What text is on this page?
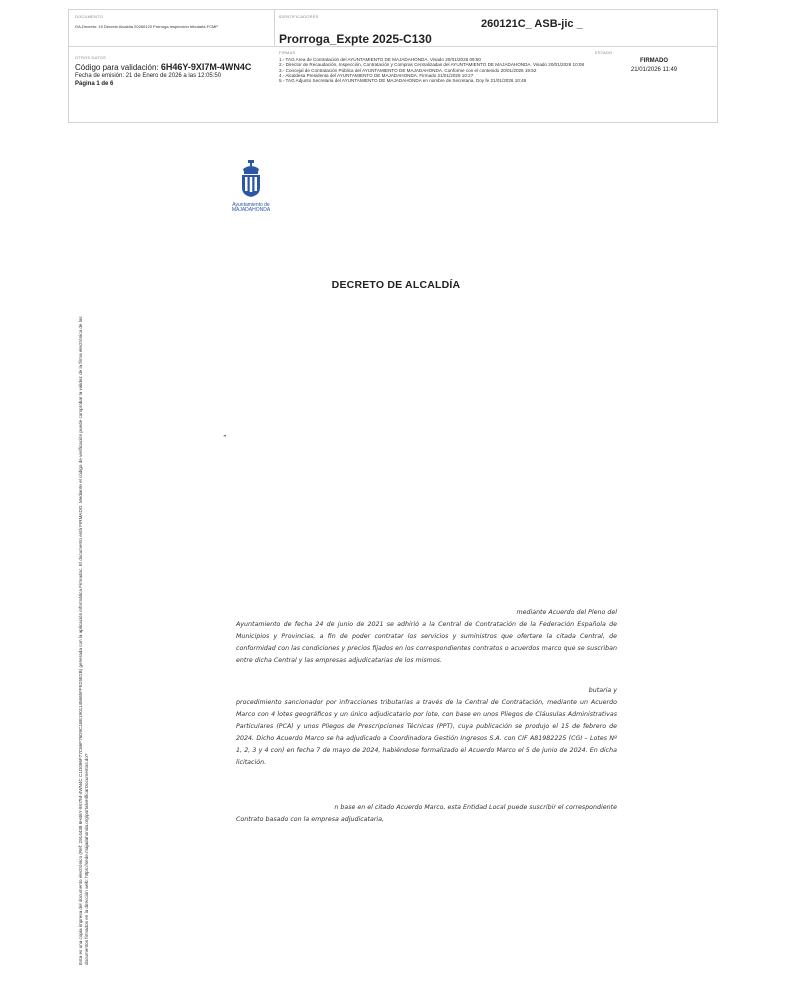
DOCUMENTO
OA-Decreto: 19 Decreto Alcaldía 20260120 Prórroga Inspección tributaria FCMP
IDENTIFICADORES
260121C_ ASB-jic _
Prorroga_Expte 2025-C130
OTROS DATOS
Código para validación: 6H46Y-9XI7M-4WN4C
Fecha de emisión: 21 de Enero de 2026 a las 12:05:50
Página 1 de 6
FIRMAS
1.- TAG Area de Contratacion del AYUNTAMIENTO DE MAJADAHONDA. Visado 20/01/2026 09:50
2.- Director de Recaudación, Inspección, Contratación y Compras Centralizadas del AYUNTAMIENTO DE MAJADAHONDA. Visado 20/01/2026 10:08
3.- Concejal de Contratación Pública del AYUNTAMIENTO DE MAJADAHONDA. Conforme con el contenido 20/01/2026 19:52
4.- Alcaldesa Presidenta del AYUNTAMIENTO DE MAJADAHONDA. Firmado 21/01/2026 10:27
5.- TAG Adjunto Secretaria del AYUNTAMIENTO DE MAJADAHONDA en nombre de Secretaria. Doy fe 21/01/2026 10:48
ESTADO
FIRMADO
21/01/2026 11:49
Ayuntamiento de
MAJADAHONDA
DECRETO DE ALCALDÍA
”
Esta es una copia impresa del documento electrónico (Ref: 2914438 6H46Y-9XI7M-4WN4C C1D096F77C66F76D9C1BE1901145665FFE25E2B) generada con la aplicación informática Firmadoc. El documento está FIRMADO. Mediante el código de verificación puede comprobar la validez de la firma electrónica de los documentos firmados en la dirección web: https://sede.majadahonda.org/portalverificarDocumentos.do?
mediante Acuerdo del Pleno del
Ayuntamiento de fecha 24 de junio de 2021 se adhirió a la Central de Contratación de la Federación Española de Municipios y Provincias, a fin de poder contratar los servicios y suministros que ofertare la citada Central, de conformidad con las condiciones y precios fijados en los correspondientes contratos o acuerdos marco que se suscriban entre dicha Central y las empresas adjudicatarias de los mismos.
butaria y
procedimiento sancionador por infracciones tributarias a través de la Central de Contratación, mediante un Acuerdo Marco con 4 lotes geográficos y un único adjudicatario por lote, con base en unos Pliegos de Cláusulas Administrativas Particulares (PCA) y unos Pliegos de Prescripciones Técnicas (PPT), cuya publicación se produjo el 15 de febrero de 2024. Dicho Acuerdo Marco se ha adjudicado a Coordinadora Gestión Ingresos S.A. con CIF A81982225 (CGI – Lotes Nº 1, 2, 3 y 4 con) en fecha 7 de mayo de 2024, habiéndose formalizado el Acuerdo Marco el 5 de junio de 2024. En dicha licitación.
n base en el citado Acuerdo Marco, esta Entidad Local puede suscribir el correspondiente
Contrato basado con la empresa adjudicataria,
